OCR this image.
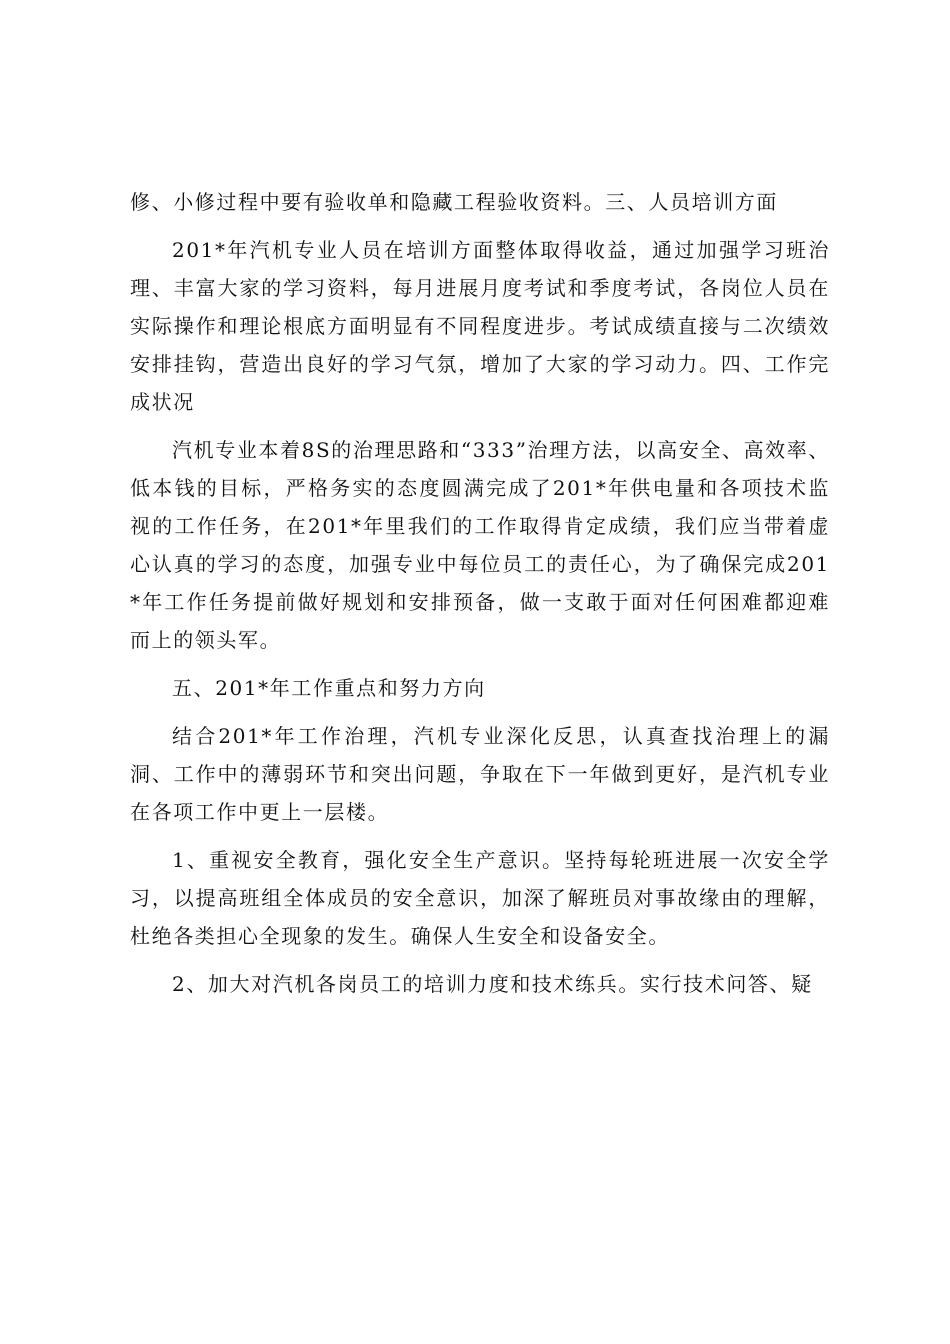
修、小修过程中要有验收单和隐藏工程验收资料。三、人员培训方面

201*年汽机专业人员在培训方面整体取得收益，通过加强学习班治理、丰富大家的学习资料，每月进展月度考试和季度考试，各岗位人员在实际操作和理论根底方面明显有不同程度进步。考试成绩直接与二次绩效安排挂钩，营造出良好的学习气氛，增加了大家的学习动力。四、工作完成状况

汽机专业本着8S的治理思路和“333”治理方法，以高安全、高效率、低本钱的目标，严格务实的态度圆满完成了201*年供电量和各项技术监视的工作任务，在201*年里我们的工作取得肯定成绩，我们应当带着虚心认真的学习的态度，加强专业中每位员工的责任心，为了确保完成201*年工作任务提前做好规划和安排预备，做一支敢于面对任何困难都迎难而上的领头军。

五、201*年工作重点和努力方向

结合201*年工作治理，汽机专业深化反思，认真查找治理上的漏洞、工作中的薄弱环节和突出问题，争取在下一年做到更好，是汽机专业在各项工作中更上一层楼。

1、重视安全教育，强化安全生产意识。坚持每轮班进展一次安全学习，以提高班组全体成员的安全意识，加深了解班员对事故缘由的理解，杜绝各类担心全现象的发生。确保人生安全和设备安全。

2、加大对汽机各岗员工的培训力度和技术练兵。实行技术问答、疑
